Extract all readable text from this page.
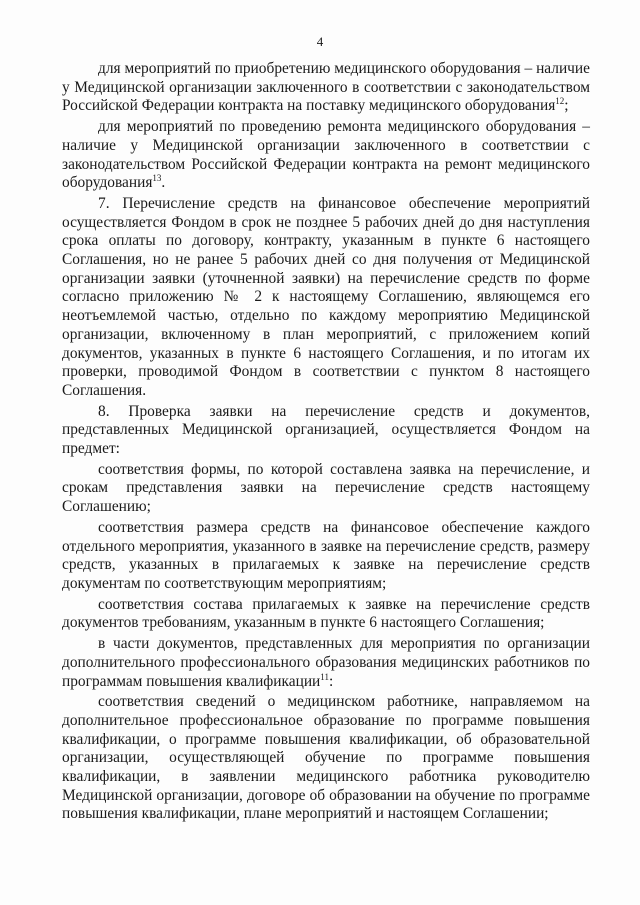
4

для мероприятий по приобретению медицинского оборудования – наличие у Медицинской организации заключенного в соответствии с законодательством Российской Федерации контракта на поставку медицинского оборудования$^{12}$;

для мероприятий по проведению ремонта медицинского оборудования – наличие у Медицинской организации заключенного в соответствии с законодательством Российской Федерации контракта на ремонт медицинского оборудования$^{13}$.

7. Перечисление средств на финансовое обеспечение мероприятий осуществляется Фондом в срок не позднее 5 рабочих дней до дня наступления срока оплаты по договору, контракту, указанным в пункте 6 настоящего Соглашения, но не ранее 5 рабочих дней со дня получения от Медицинской организации заявки (уточненной заявки) на перечисление средств по форме согласно приложению № 2 к настоящему Соглашению, являющемся его неотъемлемой частью, отдельно по каждому мероприятию Медицинской организации, включенному в план мероприятий, с приложением копий документов, указанных в пункте 6 настоящего Соглашения, и по итогам их проверки, проводимой Фондом в соответствии с пунктом 8 настоящего Соглашения.

8. Проверка заявки на перечисление средств и документов, представленных Медицинской организацией, осуществляется Фондом на предмет:

соответствия формы, по которой составлена заявка на перечисление, и срокам представления заявки на перечисление средств настоящему Соглашению;

соответствия размера средств на финансовое обеспечение каждого отдельного мероприятия, указанного в заявке на перечисление средств, размеру средств, указанных в прилагаемых к заявке на перечисление средств документам по соответствующим мероприятиям;

соответствия состава прилагаемых к заявке на перечисление средств документов требованиям, указанным в пункте 6 настоящего Соглашения;

в части документов, представленных для мероприятия по организации дополнительного профессионального образования медицинских работников по программам повышения квалификации$^{11}$:

соответствия сведений о медицинском работнике, направляемом на дополнительное профессиональное образование по программе повышения квалификации, о программе повышения квалификации, об образовательной организации, осуществляющей обучение по программе повышения квалификации, в заявлении медицинского работника руководителю Медицинской организации, договоре об образовании на обучение по программе повышения квалификации, плане мероприятий и настоящем Соглашении;
